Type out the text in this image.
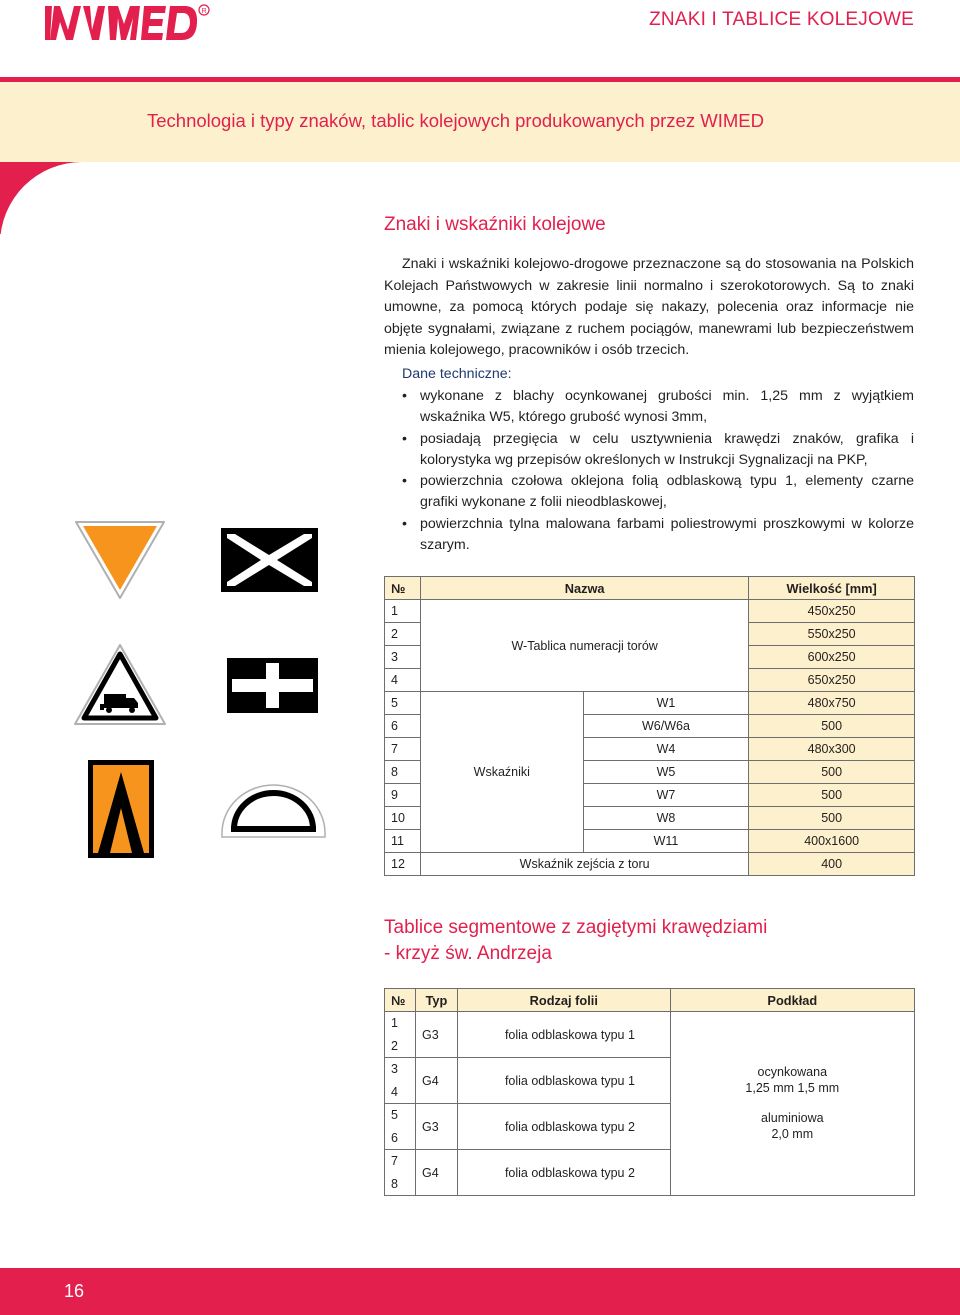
R	ZNAKI I TABLICE KOLEJOWE
Technologia i typy znaków, tablic kolejowych produkowanych przez WIMED
Znaki i wskaźniki kolejowe

Znaki i wskaźniki kolejowo-drogowe przeznaczone są do stosowania na Polskich Kolejach Państwowych w zakresie linii normalno i szerokotorowych. Są to znaki umowne, za pomocą których podaje się nakazy, polecenia oraz informacje nie objęte sygnałami, związane z ruchem pociągów, manewrami lub bezpieczeństwem mienia kolejowego, pracowników i osób trzecich.

Dane techniczne:
• wykonane z blachy ocynkowanej grubości min. 1,25 mm z wyjątkiem wskaźnika W5, którego grubość wynosi 3mm,
• posiadają przegięcia w celu usztywnienia krawędzi znaków, grafika i kolorystyka wg przepisów określonych w Instrukcji Sygnalizacji na PKP,
• powierzchnia czołowa oklejona folią odblaskową typu 1, elementy czarne grafiki wykonane z folii nieodblaskowej,
• powierzchnia tylna malowana farbami poliestrowymi proszkowymi w kolorze szarym.
№	Nazwa		Wielkość [mm]
1	W-Tablica numeracji torów		450x250
2			550x250
3			600x250
4			650x250
5	Wskaźniki	W1	480x750
6		W6/W6a	500
7		W4	480x300
8		W5	500
9		W7	500
10		W8	500
11		W11	400x1600
12	Wskaźnik zejścia z toru		400
Tablice segmentowe z zagiętymi krawędziami
- krzyż św. Andrzeja
№	Typ	Rodzaj folii	Podkład
1	G3	folia odblaskowa typu 1	ocynkowana
1,25 mm 1,5 mm
aluminiowa
2,0 mm

2			
3	G4	folia odblaskowa typu 1	
4			
5	G3	folia odblaskowa typu 2	
6			
7	G4	folia odblaskowa typu 2	
8			
16
